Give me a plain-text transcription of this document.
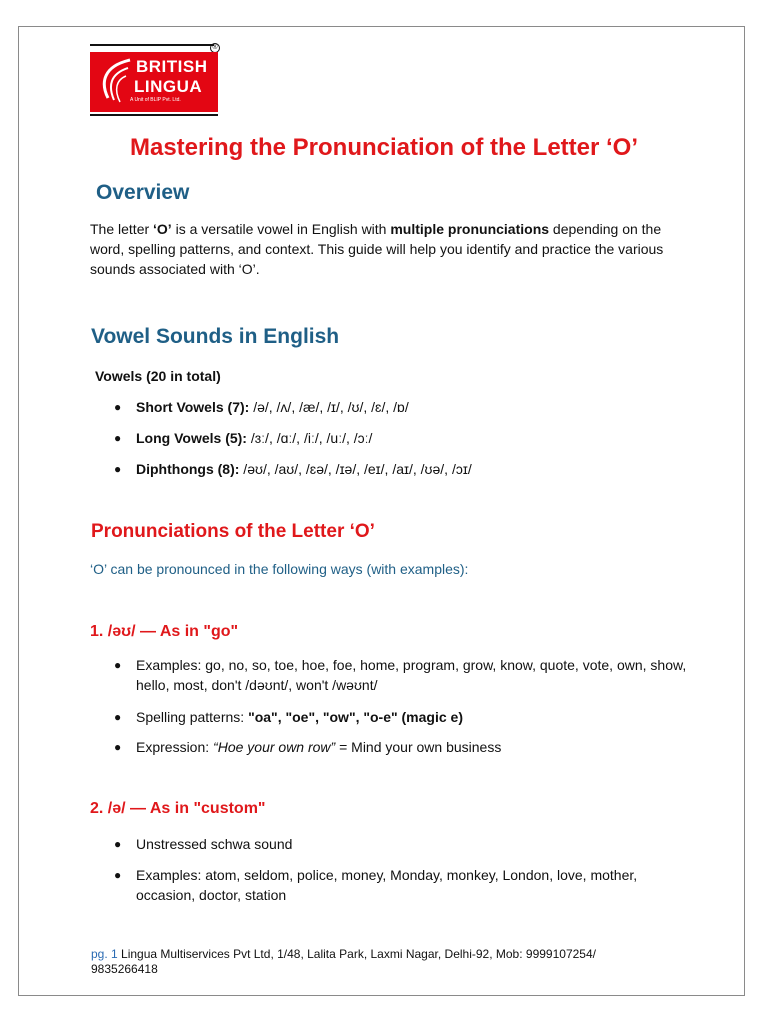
®
BRITISH
LINGUA
A Unit of BLIP Pvt. Ltd.
Mastering the Pronunciation of the Letter ‘O’
Overview

The letter ‘O’ is a versatile vowel in English with multiple pronunciations depending on the word, spelling patterns, and context. This guide will help you identify and practice the various sounds associated with ‘O’.

Vowel Sounds in English
Vowels (20 in total)
● Short Vowels (7): /ə/, /ʌ/, /æ/, /ɪ/, /ʊ/, /ɛ/, /ɒ/
● Long Vowels (5): /ɜː/, /ɑː/, /iː/, /uː/, /ɔː/
● Diphthongs (8): /əʊ/, /aʊ/, /ɛə/, /ɪə/, /eɪ/, /aɪ/, /ʊə/, /ɔɪ/
Pronunciations of the Letter ‘O’
‘O’ can be pronounced in the following ways (with examples):
1. /əʊ/ — As in "go"
● Examples: go, no, so, toe, hoe, foe, home, program, grow, know, quote, vote, own, show, hello, most, don't /dəʊnt/, won't /wəʊnt/
● Spelling patterns: "oa", "oe", "ow", "o-e" (magic e)
● Expression: “Hoe your own row” = Mind your own business
2. /ə/ — As in "custom"
● Unstressed schwa sound
● Examples: atom, seldom, police, money, Monday, monkey, London, love, mother, occasion, doctor, station
pg. 1 Lingua Multiservices Pvt Ltd, 1/48, Lalita Park, Laxmi Nagar, Delhi-92, Mob: 9999107254/ 9835266418
